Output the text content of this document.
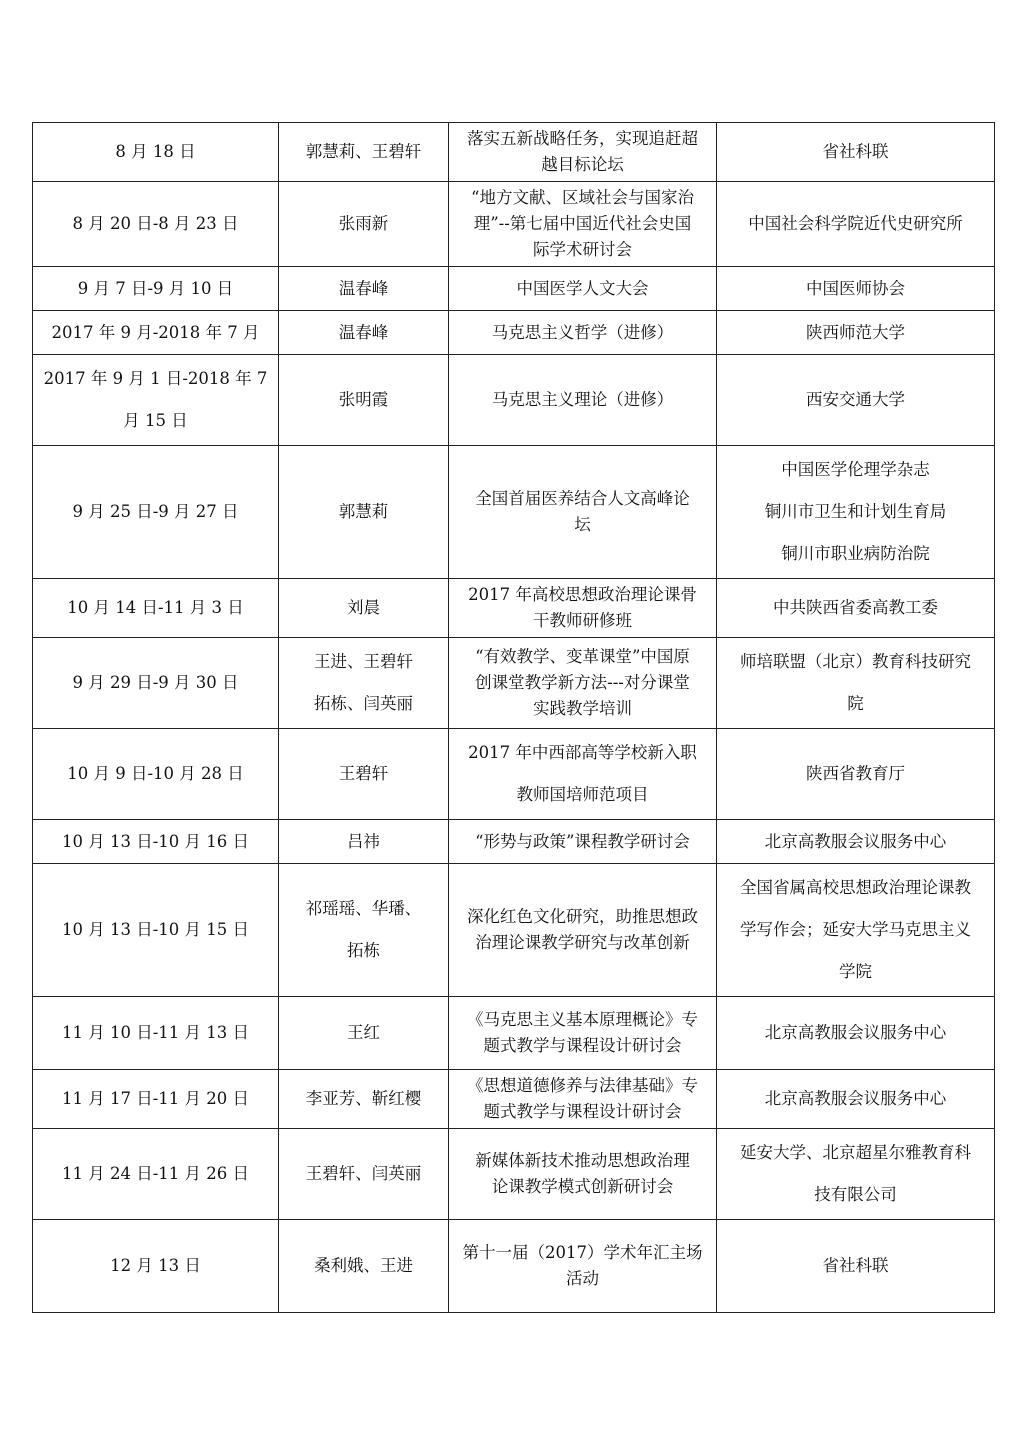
8 月 18 日	郭慧莉、王碧轩	落实五新战略任务，实现追赶超
越目标论坛	省社科联

8 月 20 日-8 月 23 日	张雨新	“地方文献、区域社会与国家治
理”--第七届中国近代社会史国
际学术研讨会	中国社会科学院近代史研究所

9 月 7 日-9 月 10 日	温春峰	中国医学人文大会	中国医师协会

2017 年 9 月-2018 年 7 月	温春峰	马克思主义哲学（进修）	陕西师范大学

2017 年 9 月 1 日-2018 年 7
月 15 日	张明霞	马克思主义理论（进修）	西安交通大学

9 月 25 日-9 月 27 日	郭慧莉	全国首届医养结合人文高峰论
坛	中国医学伦理学杂志
铜川市卫生和计划生育局
铜川市职业病防治院

10 月 14 日-11 月 3 日	刘晨	2017 年高校思想政治理论课骨
干教师研修班	中共陕西省委高教工委

9 月 29 日-9 月 30 日	王进、王碧轩
拓栋、闫英丽	“有效教学、变革课堂”中国原
创课堂教学新方法---对分课堂
实践教学培训	师培联盟（北京）教育科技研究
院

10 月 9 日-10 月 28 日	王碧轩	2017 年中西部高等学校新入职
教师国培师范项目	陕西省教育厅

10 月 13 日-10 月 16 日	吕祎	“形势与政策”课程教学研讨会	北京高教服会议服务中心

10 月 13 日-10 月 15 日	祁瑶瑶、华璠、
拓栋	深化红色文化研究，助推思想政
治理论课教学研究与改革创新	全国省属高校思想政治理论课教
学写作会；延安大学马克思主义
学院

11 月 10 日-11 月 13 日	王红	《马克思主义基本原理概论》专
题式教学与课程设计研讨会	北京高教服会议服务中心

11 月 17 日-11 月 20 日	李亚芳、靳红樱	《思想道德修养与法律基础》专
题式教学与课程设计研讨会	北京高教服会议服务中心

11 月 24 日-11 月 26 日	王碧轩、闫英丽	新媒体新技术推动思想政治理
论课教学模式创新研讨会	延安大学、北京超星尔雅教育科
技有限公司

12 月 13 日	桑利娥、王进	第十一届（2017）学术年汇主场
活动	省社科联
